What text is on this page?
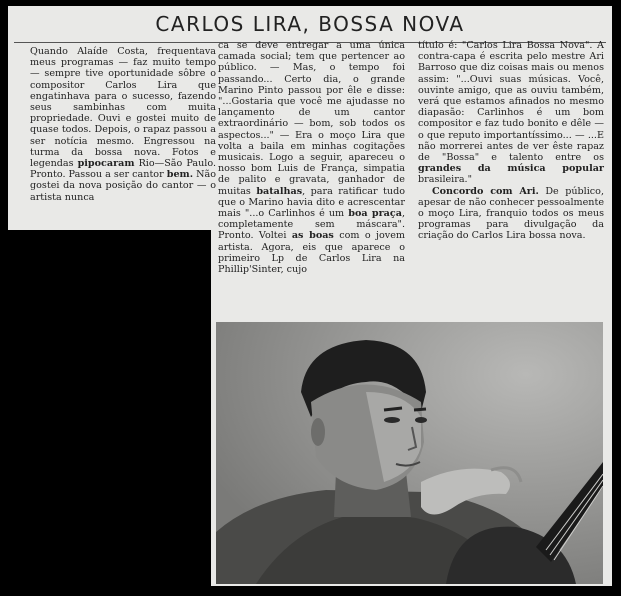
CARLOS LIRA, BOSSA NOVA
Quando Alaíde Costa, frequentava meus programas — faz muito tempo — sempre tive oportunidade sôbre o compositor Carlos Lira que engatinhava para o sucesso, fazendo seus sambinhas com muita propriedade. Ouvi e gostei muito de quase todos. Depois, o rapaz passou a ser notícia mesmo. Engressou na turma da bossa nova. Fotos e legendas pipocaram Rio—São Paulo. Pronto. Passou a ser cantor bem. Não gostei da nova posição do cantor — o artista nunca
ca se deve entregar a uma única camada social; tem que pertencer ao público. — Mas, o tempo foi passando... Certo dia, o grande Marino Pinto passou por êle e disse: "...Gostaria que você me ajudasse no lançamento de um cantor extraordinário — bom, sob todos os aspectos..." — Era o moço Lira que volta a baila em minhas cogitações musicais. Logo a seguir, apareceu o nosso bom Luis de França, simpatia de palito e gravata, ganhador de muitas batalhas, para ratificar tudo que o Marino havia dito e acrescentar mais "...o Carlinhos é um boa praça, completamente sem máscara". Pronto. Voltei as boas com o jovem artista. Agora, eis que aparece o primeiro Lp de Carlos Lira na Phillip'Sinter, cujo
título é: "Carlos Lira Bossa Nova". A contra-capa é escrita pelo mestre Ari Barroso que diz coisas mais ou menos assim: "...Ouvi suas músicas. Você, ouvinte amigo, que as ouviu também, verá que estamos afinados no mesmo diapasão: Carlinhos é um bom compositor e faz tudo bonito e dêle — o que reputo importantíssimo... — ...E não morrerei antes de ver êste rapaz de "Bossa" e talento entre os grandes da música popular brasileira."
Concordo com Ari. De público, apesar de não conhecer pessoalmente o moço Lira, franquio todos os meus programas para divulgação da criação do Carlos Lira bossa nova.
